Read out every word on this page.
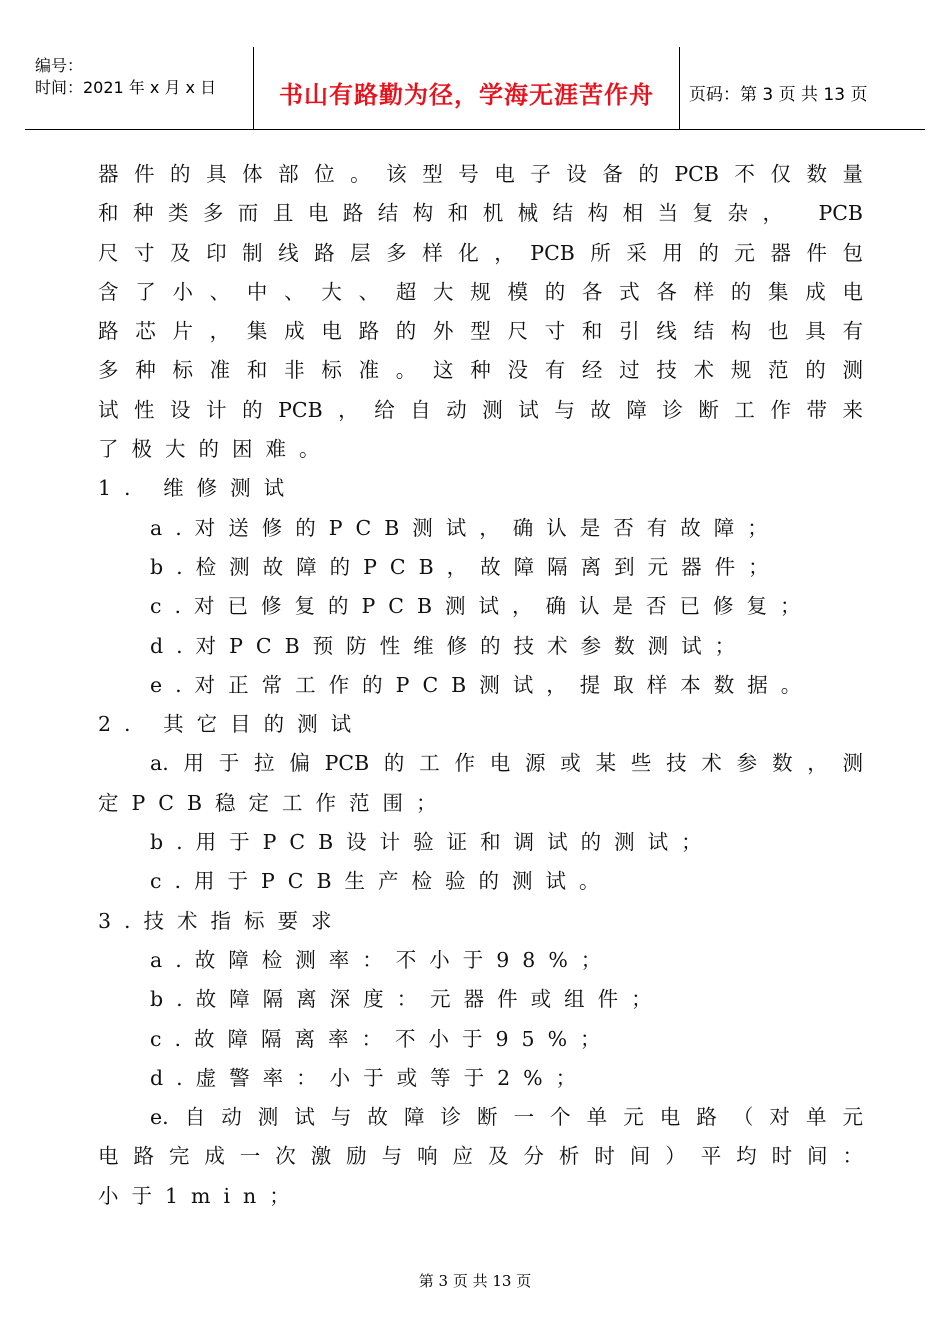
编号：
时间：2021 年 x 月 x 日	书山有路勤为径，学海无涯苦作舟	页码：第 3 页 共 13 页
器件的具体部位。该型号电子设备的PCB不仅数量
和种类多而且电路结构和机械结构相当复杂， PCB
尺寸及印制线路层多样化，PCB所采用的元器件包
含了小、中、大、超大规模的各式各样的集成电
路芯片，集成电路的外型尺寸和引线结构也具有
多种标准和非标准。这种没有经过技术规范的测
试性设计的PCB，给自动测试与故障诊断工作带来
了极大的困难。
1. 维修测试
a.对送修的PCB测试，确认是否有故障；
b.检测故障的PCB，故障隔离到元器件；
c.对已修复的PCB测试，确认是否已修复；
d.对PCB预防性维修的技术参数测试；
e.对正常工作的PCB测试，提取样本数据。
2. 其它目的测试
a.用于拉偏PCB的工作电源或某些技术参数，测
定PCB稳定工作范围；
b.用于PCB设计验证和调试的测试；
c.用于PCB生产检验的测试。
3.技术指标要求
a.故障检测率：不小于98%；
b.故障隔离深度：元器件或组件；
c.故障隔离率：不小于95%；
d.虚警率：小于或等于2%；
e.自动测试与故障诊断一个单元电路（对单元
电路完成一次激励与响应及分析时间）平均时间：
小于1min；
第 3 页 共 13 页
